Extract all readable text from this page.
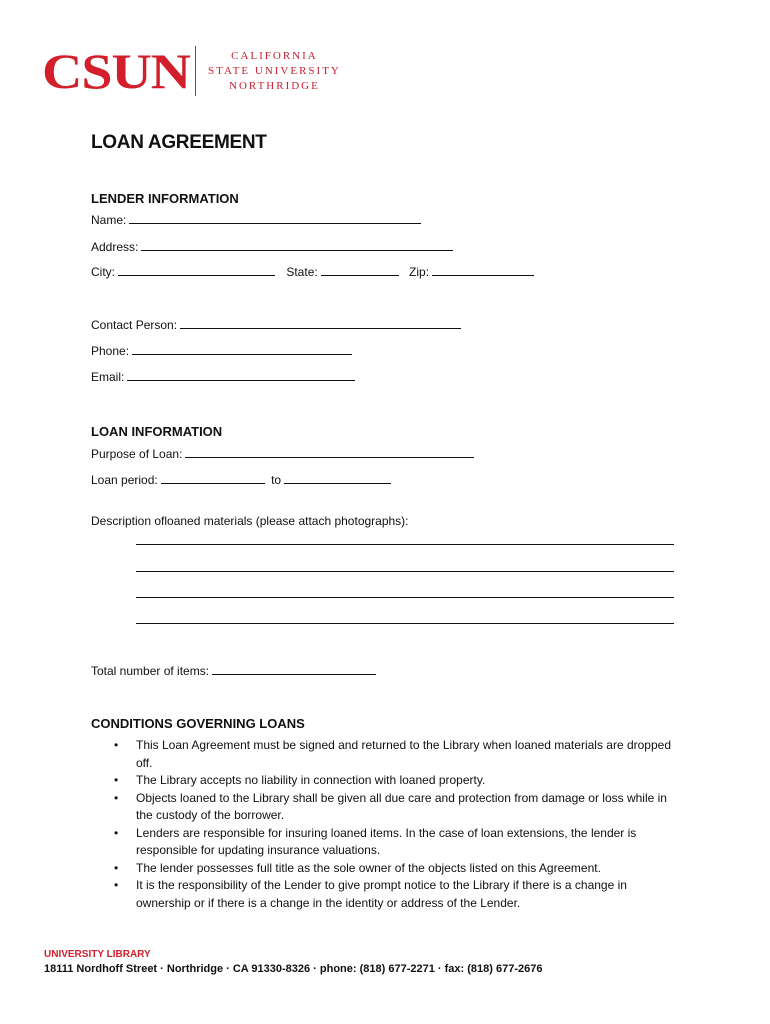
CSUN	CALIFORNIA
STATE UNIVERSITY
NORTHRIDGE
LOAN AGREEMENT
LENDER INFORMATION
Name:
Address:
City:	State:	Zip:
Contact Person:
Phone:
Email:
LOAN INFORMATION
Purpose of Loan:
Loan period:	to
Description ofloaned materials (please attach photographs):
Total number of items:
CONDITIONS GOVERNING LOANS
• This Loan Agreement must be signed and returned to the Library when loaned materials are dropped off.
• The Library accepts no liability in connection with loaned property.
• Objects loaned to the Library shall be given all due care and protection from damage or loss while in the custody of the borrower.
• Lenders are responsible for insuring loaned items. In the case of loan extensions, the lender is responsible for updating insurance valuations.
• The lender possesses full title as the sole owner of the objects listed on this Agreement.
• It is the responsibility of the Lender to give prompt notice to the Library if there is a change in ownership or if there is a change in the identity or address of the Lender.
UNIVERSITY LIBRARY
18111 Nordhoff Street · Northridge · CA 91330-8326 · phone: (818) 677-2271 · fax: (818) 677-2676
